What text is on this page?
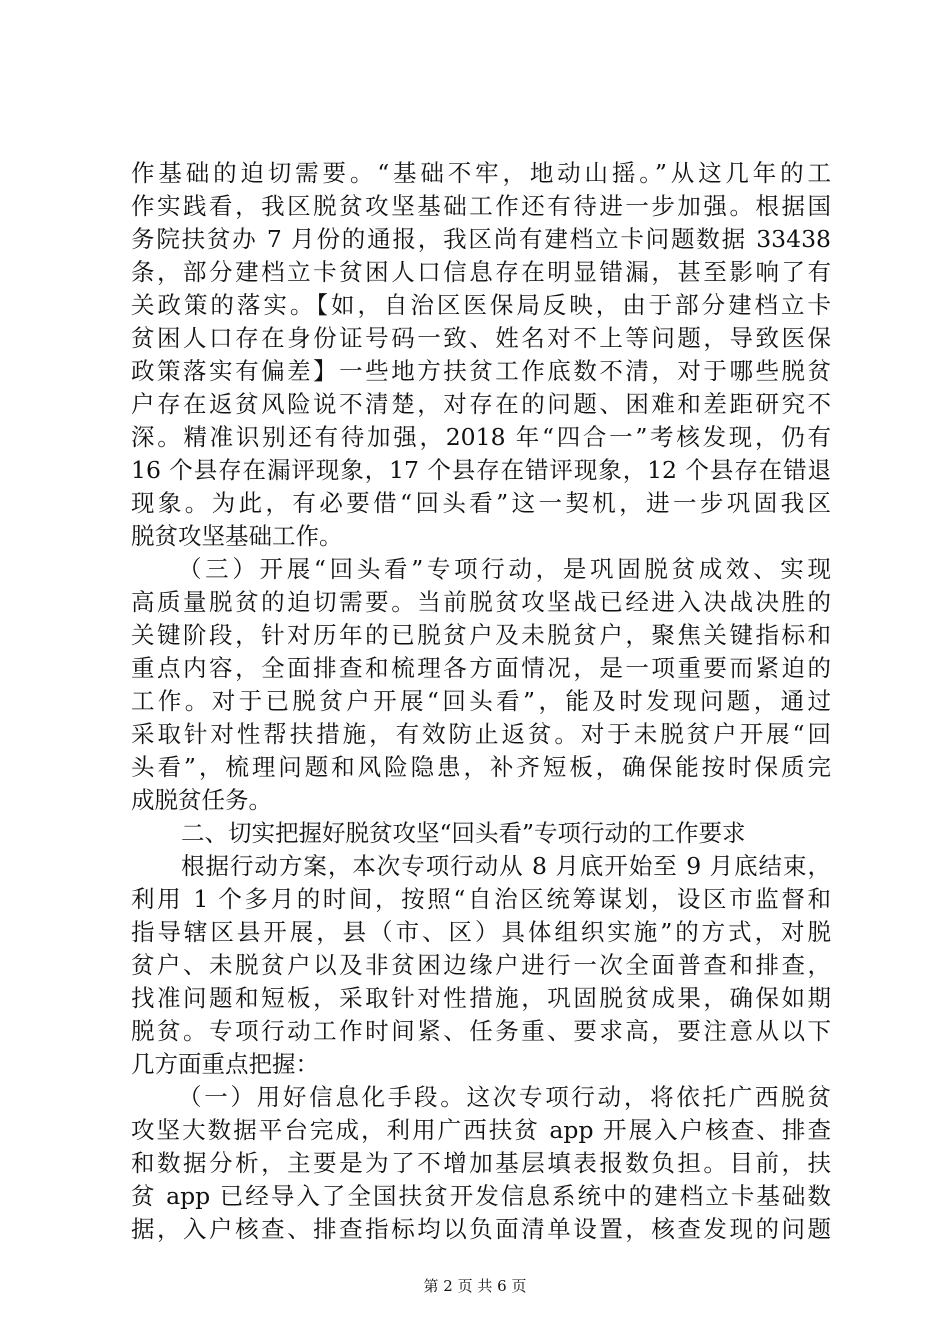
作基础的迫切需要。“基础不牢，地动山摇。”从这几年的工
作实践看，我区脱贫攻坚基础工作还有待进一步加强。根据国
务院扶贫办 7 月份的通报，我区尚有建档立卡问题数据 33438
条，部分建档立卡贫困人口信息存在明显错漏，甚至影响了有
关政策的落实。【如，自治区医保局反映，由于部分建档立卡
贫困人口存在身份证号码一致、姓名对不上等问题，导致医保
政策落实有偏差】一些地方扶贫工作底数不清，对于哪些脱贫
户存在返贫风险说不清楚，对存在的问题、困难和差距研究不
深。精准识别还有待加强，2018 年“四合一”考核发现，仍有
16 个县存在漏评现象，17 个县存在错评现象，12 个县存在错退
现象。为此，有必要借“回头看”这一契机，进一步巩固我区
脱贫攻坚基础工作。
（三）开展“回头看”专项行动，是巩固脱贫成效、实现
高质量脱贫的迫切需要。当前脱贫攻坚战已经进入决战决胜的
关键阶段，针对历年的已脱贫户及未脱贫户，聚焦关键指标和
重点内容，全面排查和梳理各方面情况，是一项重要而紧迫的
工作。对于已脱贫户开展“回头看”，能及时发现问题，通过
采取针对性帮扶措施，有效防止返贫。对于未脱贫户开展“回
头看”，梳理问题和风险隐患，补齐短板，确保能按时保质完
成脱贫任务。
二、切实把握好脱贫攻坚“回头看”专项行动的工作要求
根据行动方案，本次专项行动从 8 月底开始至 9 月底结束，
利用 1 个多月的时间，按照“自治区统筹谋划，设区市监督和
指导辖区县开展，县（市、区）具体组织实施”的方式，对脱
贫户、未脱贫户以及非贫困边缘户进行一次全面普查和排查，
找准问题和短板，采取针对性措施，巩固脱贫成果，确保如期
脱贫。专项行动工作时间紧、任务重、要求高，要注意从以下
几方面重点把握：
（一）用好信息化手段。这次专项行动，将依托广西脱贫
攻坚大数据平台完成，利用广西扶贫 app 开展入户核查、排查
和数据分析，主要是为了不增加基层填表报数负担。目前，扶
贫 app 已经导入了全国扶贫开发信息系统中的建档立卡基础数
据，入户核查、排查指标均以负面清单设置，核查发现的问题
第 2 页 共 6 页
